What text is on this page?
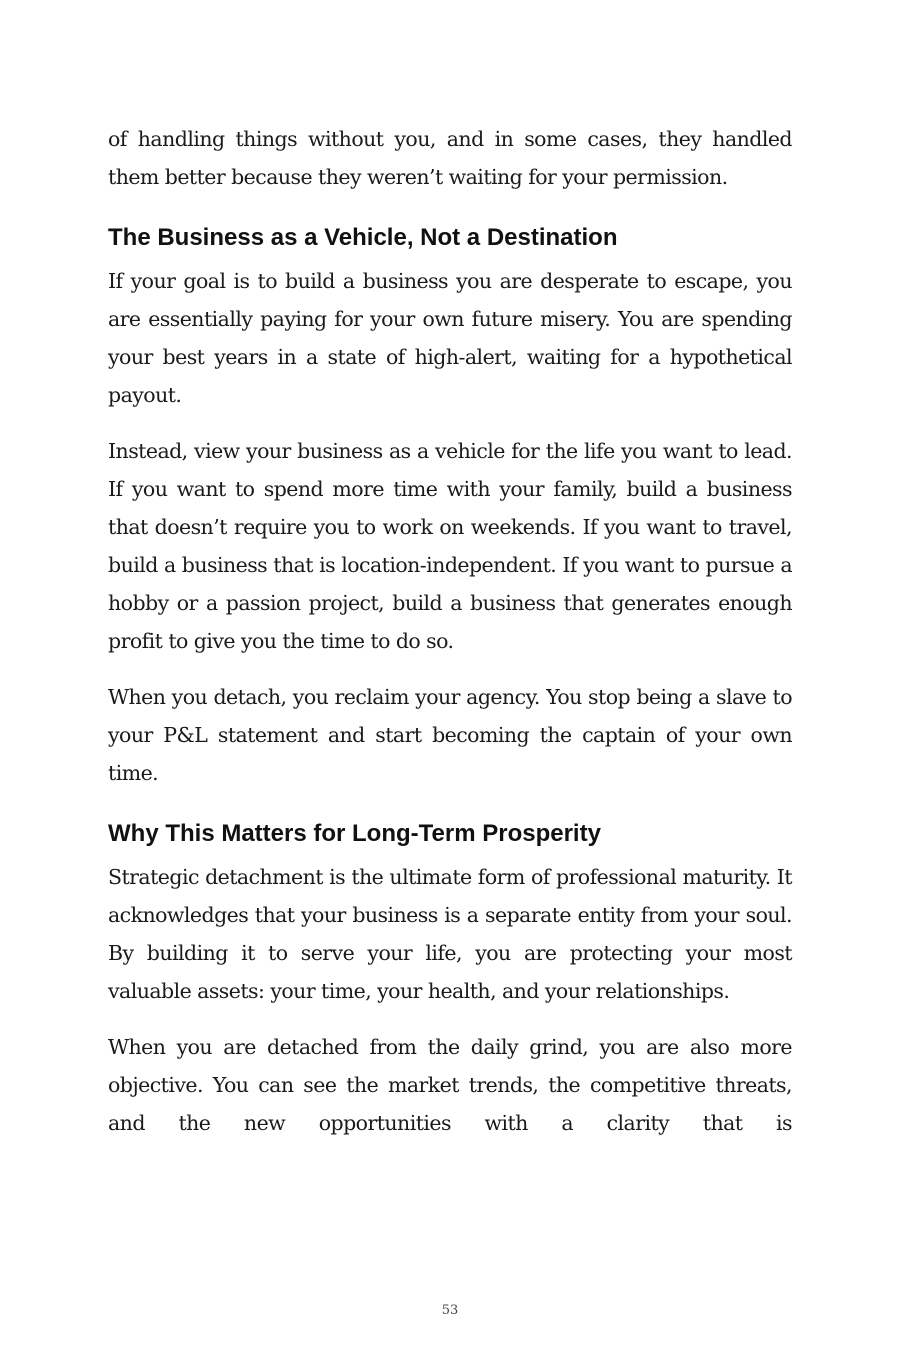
of handling things without you, and in some cases, they handled them better because they weren’t waiting for your permission.

The Business as a Vehicle, Not a Destination

If your goal is to build a business you are desperate to escape, you are essentially paying for your own future misery. You are spending your best years in a state of high-alert, waiting for a hypothetical payout.

Instead, view your business as a vehicle for the life you want to lead. If you want to spend more time with your family, build a business that doesn’t require you to work on weekends. If you want to travel, build a business that is location-independent. If you want to pursue a hobby or a passion project, build a business that generates enough profit to give you the time to do so.

When you detach, you reclaim your agency. You stop being a slave to your P&L statement and start becoming the captain of your own time.

Why This Matters for Long-Term Prosperity

Strategic detachment is the ultimate form of professional maturity. It acknowledges that your business is a separate entity from your soul. By building it to serve your life, you are protecting your most valuable assets: your time, your health, and your relationships.

When you are detached from the daily grind, you are also more objective. You can see the market trends, the competitive threats, and the new opportunities with a clarity that is

53
